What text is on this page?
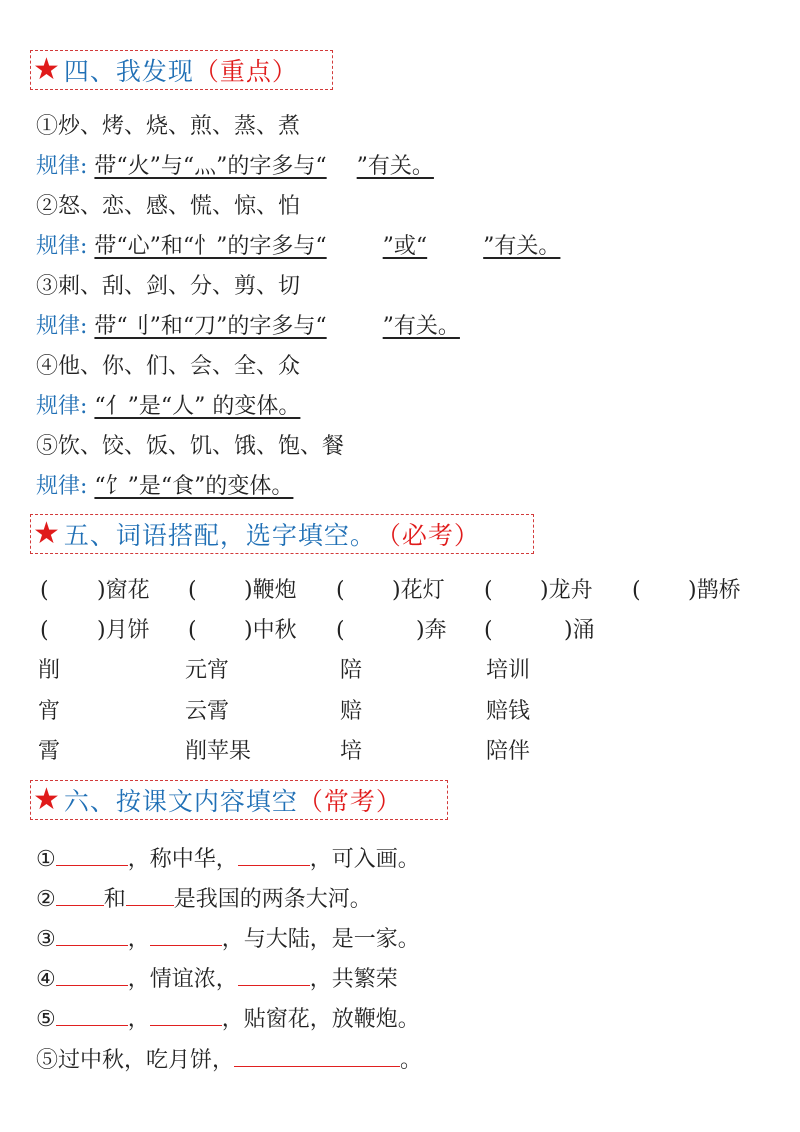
★ 四、我发现 （重点）
①炒、烤、烧、煎、蒸、煮
规律: 带“火”与“灬”的字多与“ ”有关。
②怒、恋、感、慌、惊、怕
规律: 带“心”和“忄”的字多与“	”或“	”有关。
③刺、刮、剑、分、剪、切
规律: 带“刂”和“刀”的字多与“	”有关。
④他、你、们、会、全、众
规律: “亻”是“人” 的变体。
⑤饮、饺、饭、饥、饿、饱、餐
规律: “饣”是“食”的变体。
★ 五、词语搭配，选字填空。 （必考）
( )窗花 ( )鞭炮 ( )花灯 ( )龙舟 ( )鹊桥
( )月饼 ( )中秋 (	)奔 (	)涌
削	元宵	陪	培训
宵	云霄	赔	赔钱
霄	削苹果	培	陪伴
★ 六、按课文内容填空 （常考）
①	，称中华，	，可入画。
② 和 是我国的两条大河。
③	，	，与大陆，是一家。
④	，情谊浓，	，共繁荣
⑤	，	，贴窗花，放鞭炮。
⑤过中秋，吃月饼，	。
